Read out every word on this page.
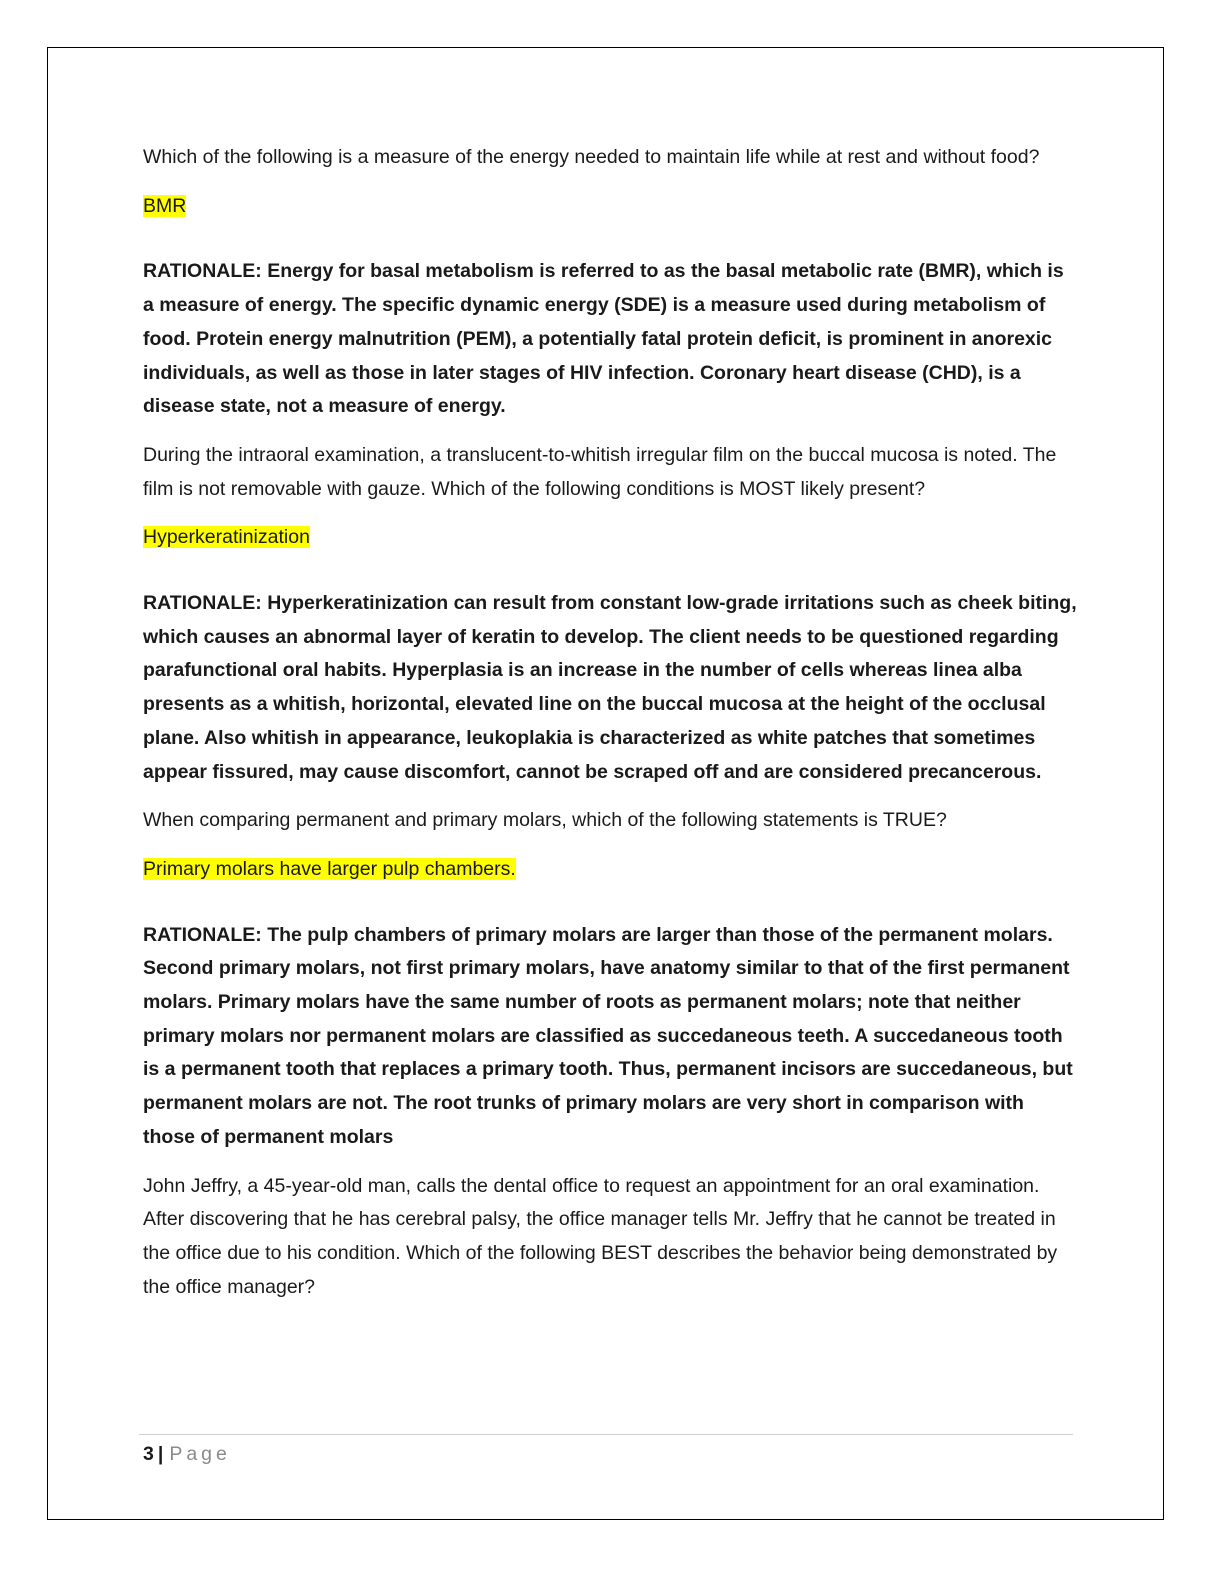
Which of the following is a measure of the energy needed to maintain life while at rest and without food?

BMR

RATIONALE: Energy for basal metabolism is referred to as the basal metabolic rate (BMR), which is a measure of energy. The specific dynamic energy (SDE) is a measure used during metabolism of food. Protein energy malnutrition (PEM), a potentially fatal protein deficit, is prominent in anorexic individuals, as well as those in later stages of HIV infection. Coronary heart disease (CHD), is a disease state, not a measure of energy.

During the intraoral examination, a translucent-to-whitish irregular film on the buccal mucosa is noted. The film is not removable with gauze. Which of the following conditions is MOST likely present?

Hyperkeratinization

RATIONALE: Hyperkeratinization can result from constant low-grade irritations such as cheek biting, which causes an abnormal layer of keratin to develop. The client needs to be questioned regarding parafunctional oral habits. Hyperplasia is an increase in the number of cells whereas linea alba presents as a whitish, horizontal, elevated line on the buccal mucosa at the height of the occlusal plane. Also whitish in appearance, leukoplakia is characterized as white patches that sometimes appear fissured, may cause discomfort, cannot be scraped off and are considered precancerous.

When comparing permanent and primary molars, which of the following statements is TRUE?

Primary molars have larger pulp chambers.

RATIONALE: The pulp chambers of primary molars are larger than those of the permanent molars. Second primary molars, not first primary molars, have anatomy similar to that of the first permanent molars. Primary molars have the same number of roots as permanent molars; note that neither primary molars nor permanent molars are classified as succedaneous teeth. A succedaneous tooth is a permanent tooth that replaces a primary tooth. Thus, permanent incisors are succedaneous, but permanent molars are not. The root trunks of primary molars are very short in comparison with those of permanent molars

John Jeffry, a 45-year-old man, calls the dental office to request an appointment for an oral examination. After discovering that he has cerebral palsy, the office manager tells Mr. Jeffry that he cannot be treated in the office due to his condition. Which of the following BEST describes the behavior being demonstrated by the office manager?

3 | Page
